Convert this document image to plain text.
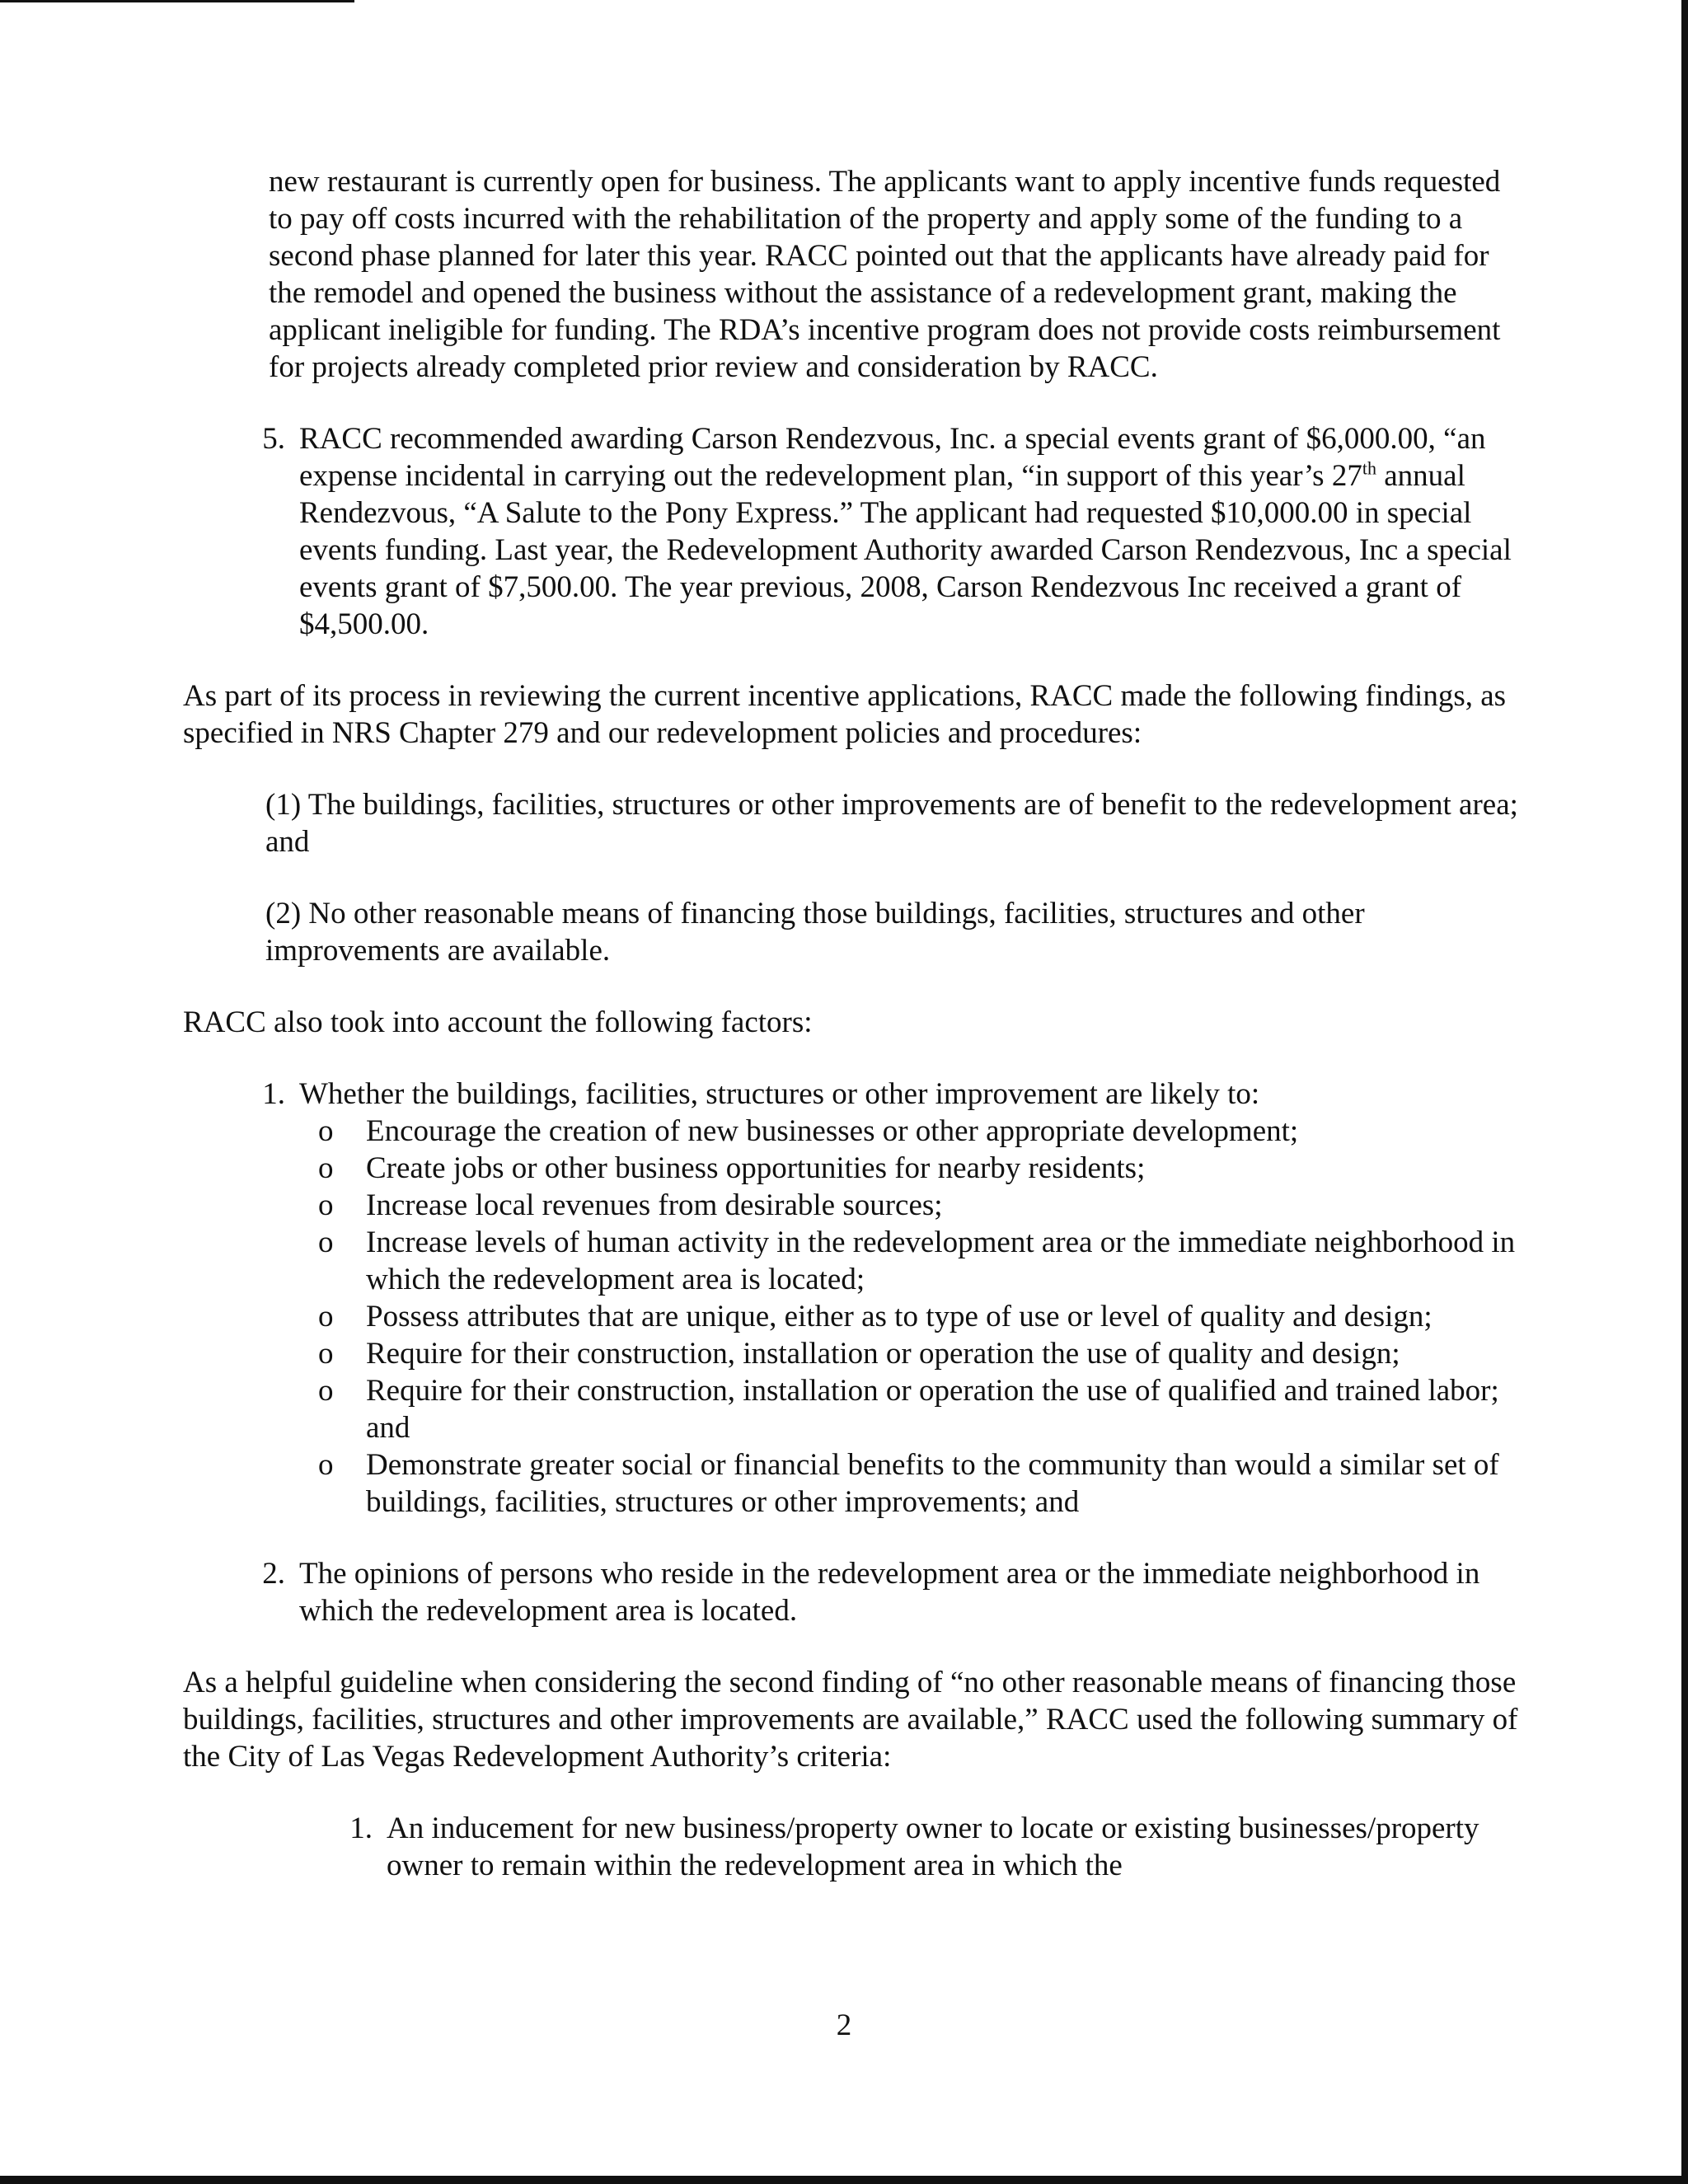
new restaurant is currently open for business. The applicants want to apply incentive funds requested to pay off costs incurred with the rehabilitation of the property and apply some of the funding to a second phase planned for later this year. RACC pointed out that the applicants have already paid for the remodel and opened the business without the assistance of a redevelopment grant, making the applicant ineligible for funding. The RDA’s incentive program does not provide costs reimbursement for projects already completed prior review and consideration by RACC.

5. RACC recommended awarding Carson Rendezvous, Inc. a special events grant of $6,000.00, “an expense incidental in carrying out the redevelopment plan, “in support of this year’s 27th annual Rendezvous, “A Salute to the Pony Express.” The applicant had requested $10,000.00 in special events funding. Last year, the Redevelopment Authority awarded Carson Rendezvous, Inc a special events grant of $7,500.00. The year previous, 2008, Carson Rendezvous Inc received a grant of $4,500.00.

As part of its process in reviewing the current incentive applications, RACC made the following findings, as specified in NRS Chapter 279 and our redevelopment policies and procedures:

(1) The buildings, facilities, structures or other improvements are of benefit to the redevelopment area; and

(2) No other reasonable means of financing those buildings, facilities, structures and other improvements are available.

RACC also took into account the following factors:

1. Whether the buildings, facilities, structures or other improvement are likely to:
o	Encourage the creation of new businesses or other appropriate development;
o	Create jobs or other business opportunities for nearby residents;
o	Increase local revenues from desirable sources;
o	Increase levels of human activity in the redevelopment area or the immediate neighborhood in which the redevelopment area is located;
o	Possess attributes that are unique, either as to type of use or level of quality and design;
o	Require for their construction, installation or operation the use of quality and design;
o	Require for their construction, installation or operation the use of qualified and trained labor; and
o	Demonstrate greater social or financial benefits to the community than would a similar set of buildings, facilities, structures or other improvements; and
2. The opinions of persons who reside in the redevelopment area or the immediate neighborhood in which the redevelopment area is located.

As a helpful guideline when considering the second finding of “no other reasonable means of financing those buildings, facilities, structures and other improvements are available,” RACC used the following summary of the City of Las Vegas Redevelopment Authority’s criteria:

1. An inducement for new business/property owner to locate or existing businesses/property owner to remain within the redevelopment area in which the
2
